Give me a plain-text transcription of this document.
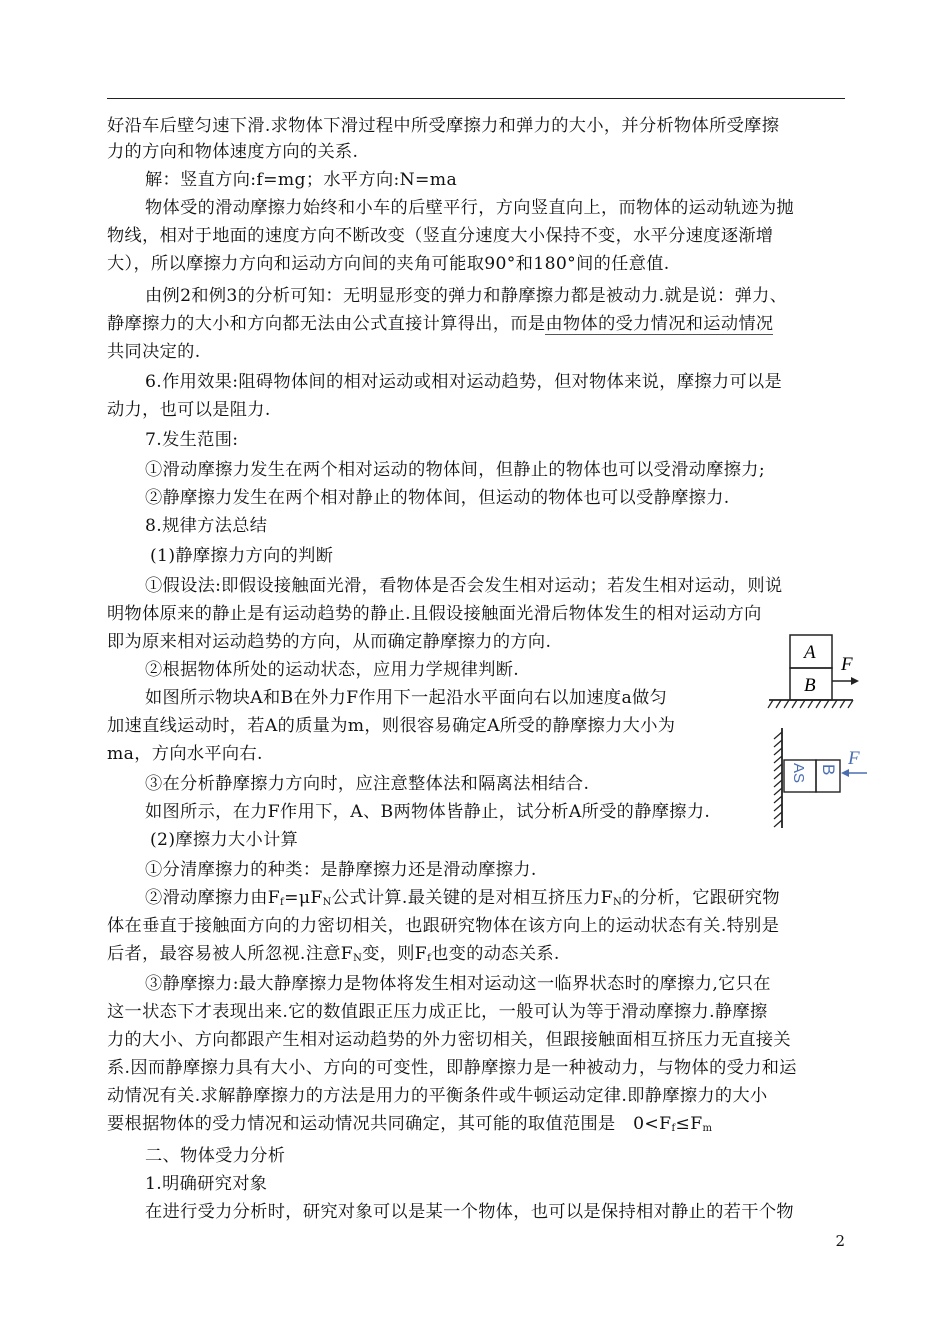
好沿车后壁匀速下滑.求物体下滑过程中所受摩擦力和弹力的大小，并分析物体所受摩擦
力的方向和物体速度方向的关系.
解：竖直方向:f=mg；水平方向:N=ma
物体受的滑动摩擦力始终和小车的后壁平行，方向竖直向上，而物体的运动轨迹为抛
物线，相对于地面的速度方向不断改变（竖直分速度大小保持不变，水平分速度逐渐增
大），所以摩擦力方向和运动方向间的夹角可能取90°和180°间的任意值.
由例2和例3的分析可知：无明显形变的弹力和静摩擦力都是被动力.就是说：弹力、
静摩擦力的大小和方向都无法由公式直接计算得出，而是由物体的受力情况和运动情况
共同决定的.
6.作用效果:阻碍物体间的相对运动或相对运动趋势，但对物体来说，摩擦力可以是
动力，也可以是阻力.
7.发生范围:
①滑动摩擦力发生在两个相对运动的物体间，但静止的物体也可以受滑动摩擦力;
②静摩擦力发生在两个相对静止的物体间，但运动的物体也可以受静摩擦力.
8.规律方法总结
(1)静摩擦力方向的判断
①假设法:即假设接触面光滑，看物体是否会发生相对运动；若发生相对运动，则说
明物体原来的静止是有运动趋势的静止.且假设接触面光滑后物体发生的相对运动方向
即为原来相对运动趋势的方向，从而确定静摩擦力的方向.
②根据物体所处的运动状态，应用力学规律判断.
如图所示物块A和B在外力F作用下一起沿水平面向右以加速度a做匀
加速直线运动时，若A的质量为m，则很容易确定A所受的静摩擦力大小为
ma，方向水平向右.
③在分析静摩擦力方向时，应注意整体法和隔离法相结合.
如图所示，在力F作用下，A、B两物体皆静止，试分析A所受的静摩擦力.
(2)摩擦力大小计算
①分清摩擦力的种类：是静摩擦力还是滑动摩擦力.
②滑动摩擦力由$F_f=\mu F_N$公式计算.最关键的是对相互挤压力$F_N$的分析，它跟研究物
体在垂直于接触面方向的力密切相关，也跟研究物体在该方向上的运动状态有关.特别是
后者，最容易被人所忽视.注意$F_N$变，则$F_f$也变的动态关系.
③静摩擦力:最大静摩擦力是物体将发生相对运动这一临界状态时的摩擦力,它只在
这一状态下才表现出来.它的数值跟正压力成正比，一般可认为等于滑动摩擦力.静摩擦
力的大小、方向都跟产生相对运动趋势的外力密切相关，但跟接触面相互挤压力无直接关
系.因而静摩擦力具有大小、方向的可变性，即静摩擦力是一种被动力，与物体的受力和运
动情况有关.求解静摩擦力的方法是用力的平衡条件或牛顿运动定律.即静摩擦力的大小
要根据物体的受力情况和运动情况共同确定，其可能的取值范围是　$0<F_f\le F_m$
二、物体受力分析
1.明确研究对象
在进行受力分析时，研究对象可以是某一个物体，也可以是保持相对静止的若干个物
A
B
F
AS B
F
2
